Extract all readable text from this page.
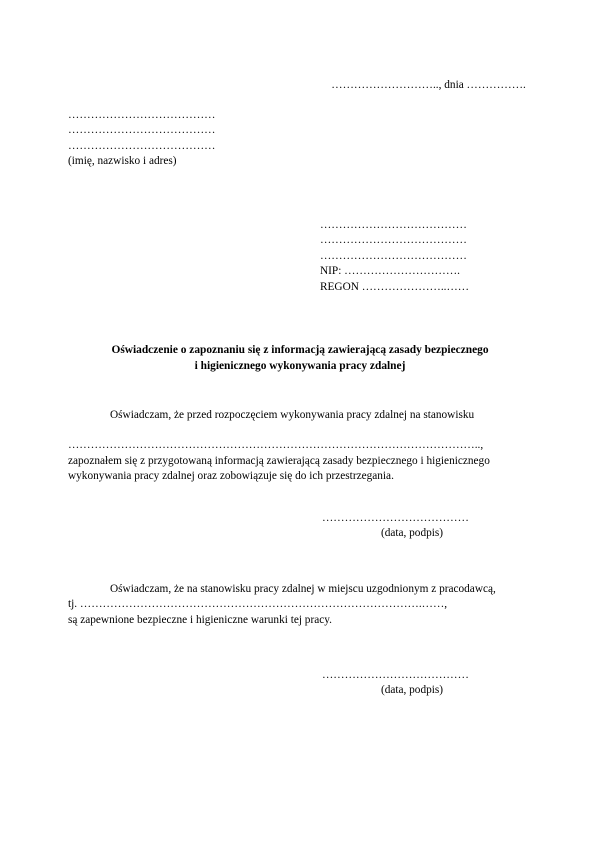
……………………….., dnia …………….

…………………………………
…………………………………
…………………………………
(imię, nazwisko i adres)
…………………………………
…………………………………
…………………………………
NIP: ………………………….
REGON …………………..……
Oświadczenie o zapoznaniu się z informacją zawierającą zasady bezpiecznego
i higienicznego wykonywania pracy zdalnej
Oświadczam, że przed rozpoczęciem wykonywania pracy zdalnej na stanowisku
………………………………………………………………………………………………..,
zapoznałem się z przygotowaną informacją zawierającą zasady bezpiecznego i higienicznego
wykonywania pracy zdalnej oraz zobowiązuje się do ich przestrzegania.
…………………………………
(data, podpis)
Oświadczam, że na stanowisku pracy zdalnej w miejscu uzgodnionym z pracodawcą,
tj. ……………………………………………………………………………….……,
są zapewnione bezpieczne i higieniczne warunki tej pracy.
…………………………………
(data, podpis)
